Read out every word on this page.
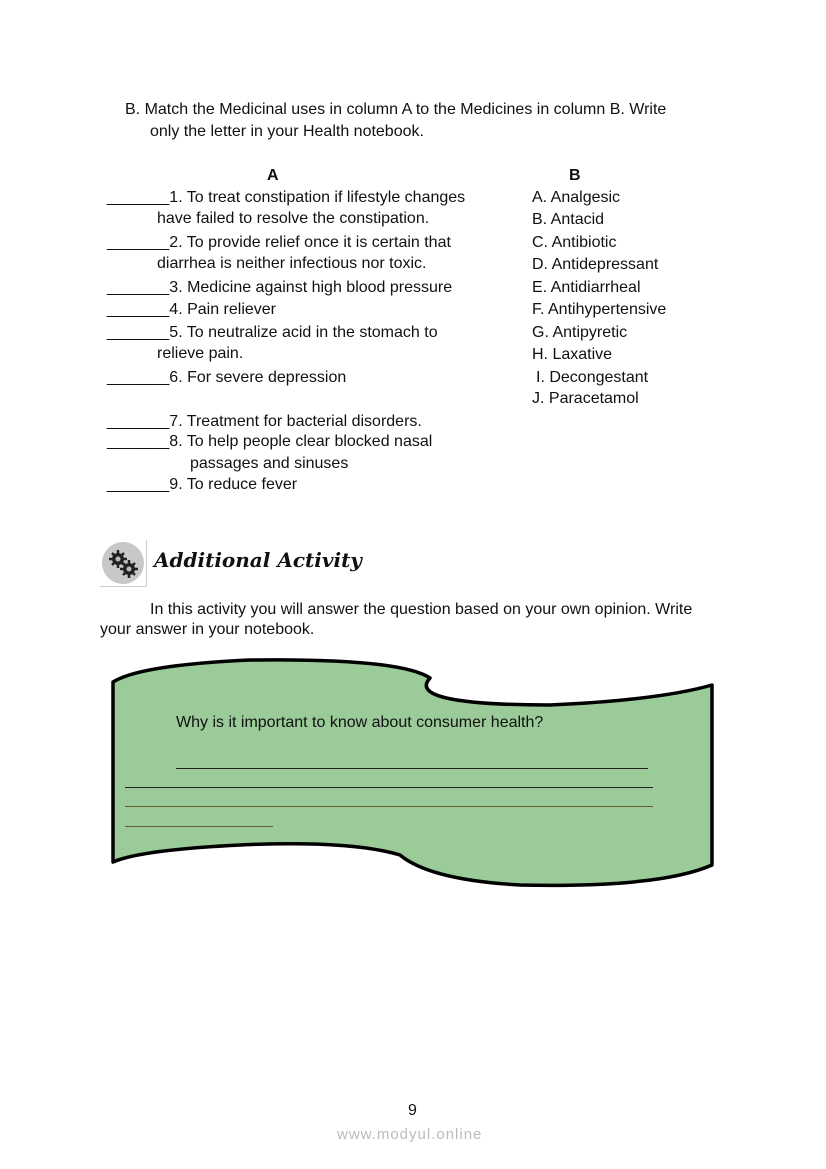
B. Match the Medicinal uses in column A to the Medicines in column B. Write
only the letter in your Health notebook.
A	B
_______1. To treat constipation if lifestyle changes
have failed to resolve the constipation.
_______2. To provide relief once it is certain that
diarrhea is neither infectious nor toxic.
_______3. Medicine against high blood pressure
_______4. Pain reliever
_______5. To neutralize acid in the stomach to
relieve pain.
_______6. For severe depression
_______7. Treatment for bacterial disorders.
_______8. To help people clear blocked nasal
passages and sinuses
_______9. To reduce fever
A. Analgesic
B. Antacid
C. Antibiotic
D. Antidepressant
E. Antidiarrheal
F. Antihypertensive
G. Antipyretic
H. Laxative
I. Decongestant
J. Paracetamol
Additional Activity
In this activity you will answer the question based on your own opinion. Write
your answer in your notebook.
Why is it important to know about consumer health?
9
www.modyul.online
